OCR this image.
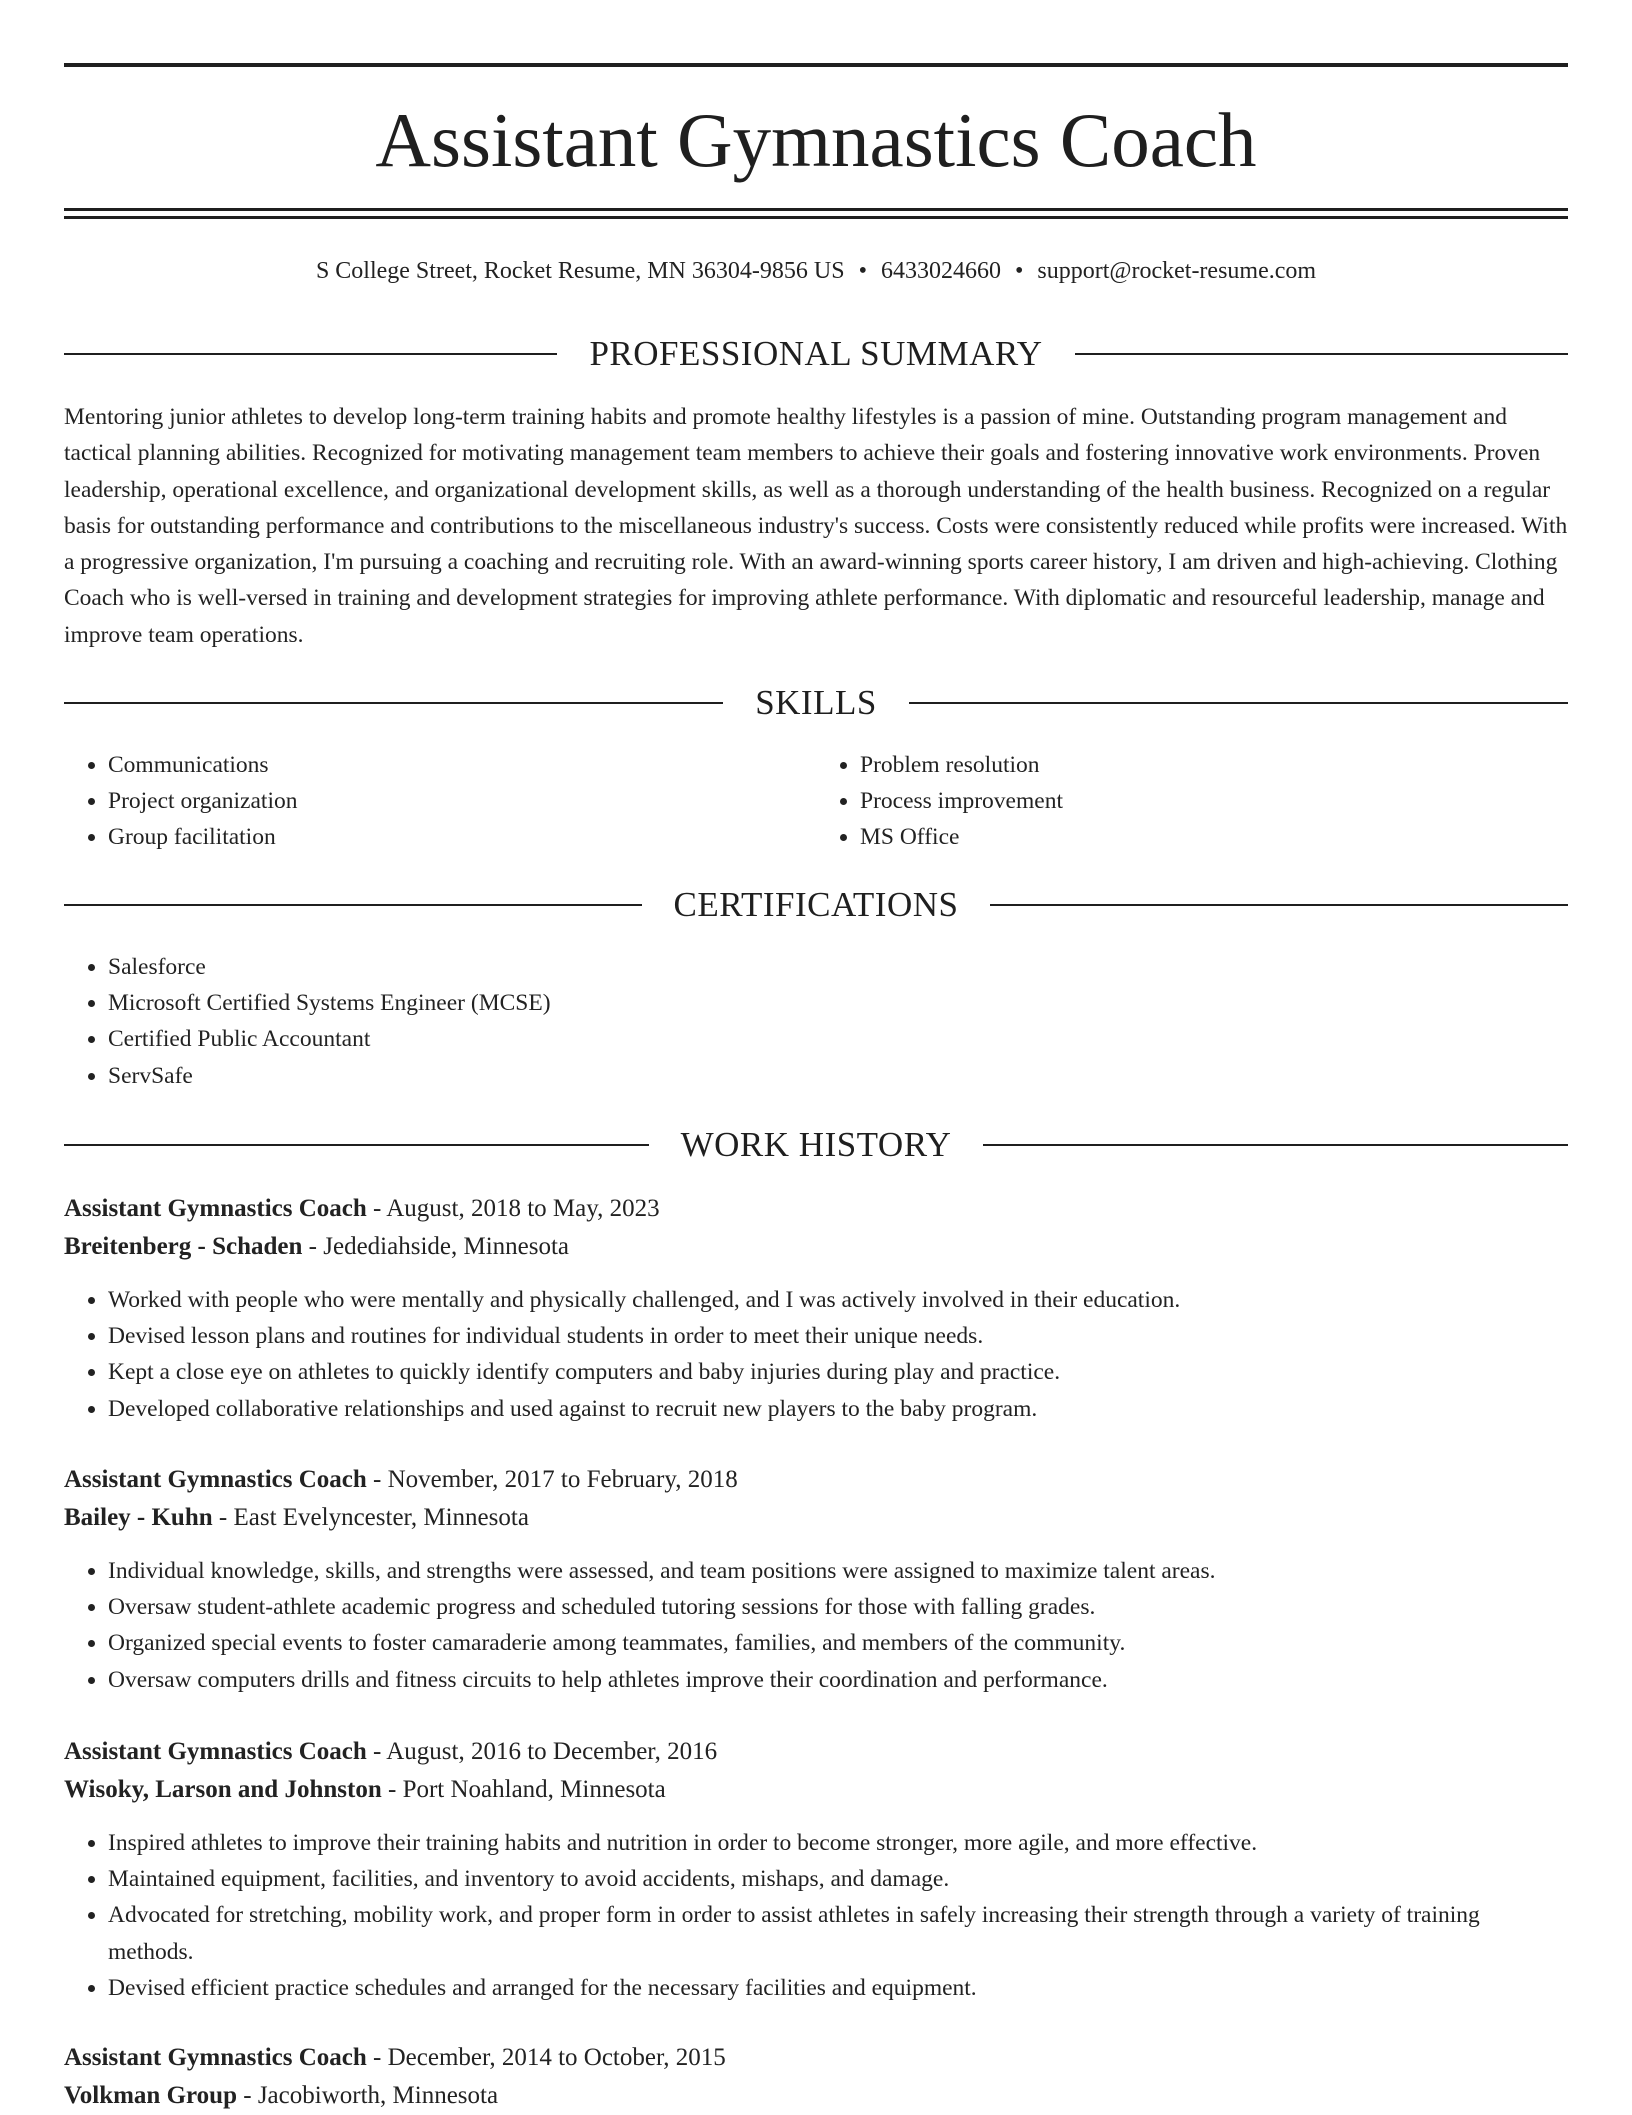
Assistant Gymnastics Coach
S College Street, Rocket Resume, MN 36304-9856 US • 6433024660 • support@rocket-resume.com
PROFESSIONAL SUMMARY
Mentoring junior athletes to develop long-term training habits and promote healthy lifestyles is a passion of mine. Outstanding program management and tactical planning abilities. Recognized for motivating management team members to achieve their goals and fostering innovative work environments. Proven leadership, operational excellence, and organizational development skills, as well as a thorough understanding of the health business. Recognized on a regular basis for outstanding performance and contributions to the miscellaneous industry's success. Costs were consistently reduced while profits were increased. With a progressive organization, I'm pursuing a coaching and recruiting role. With an award-winning sports career history, I am driven and high-achieving. Clothing Coach who is well-versed in training and development strategies for improving athlete performance. With diplomatic and resourceful leadership, manage and improve team operations.
SKILLS
• Communications
• Project organization
• Group facilitation
• Problem resolution
• Process improvement
• MS Office
CERTIFICATIONS
• Salesforce
• Microsoft Certified Systems Engineer (MCSE)
• Certified Public Accountant
• ServSafe
WORK HISTORY
Assistant Gymnastics Coach - August, 2018 to May, 2023
Breitenberg - Schaden - Jedediahside, Minnesota
• Worked with people who were mentally and physically challenged, and I was actively involved in their education.
• Devised lesson plans and routines for individual students in order to meet their unique needs.
• Kept a close eye on athletes to quickly identify computers and baby injuries during play and practice.
• Developed collaborative relationships and used against to recruit new players to the baby program.
Assistant Gymnastics Coach - November, 2017 to February, 2018
Bailey - Kuhn - East Evelyncester, Minnesota
• Individual knowledge, skills, and strengths were assessed, and team positions were assigned to maximize talent areas.
• Oversaw student-athlete academic progress and scheduled tutoring sessions for those with falling grades.
• Organized special events to foster camaraderie among teammates, families, and members of the community.
• Oversaw computers drills and fitness circuits to help athletes improve their coordination and performance.
Assistant Gymnastics Coach - August, 2016 to December, 2016
Wisoky, Larson and Johnston - Port Noahland, Minnesota
• Inspired athletes to improve their training habits and nutrition in order to become stronger, more agile, and more effective.
• Maintained equipment, facilities, and inventory to avoid accidents, mishaps, and damage.
• Advocated for stretching, mobility work, and proper form in order to assist athletes in safely increasing their strength through a variety of training methods.
• Devised efficient practice schedules and arranged for the necessary facilities and equipment.
Assistant Gymnastics Coach - December, 2014 to October, 2015
Volkman Group - Jacobiworth, Minnesota
